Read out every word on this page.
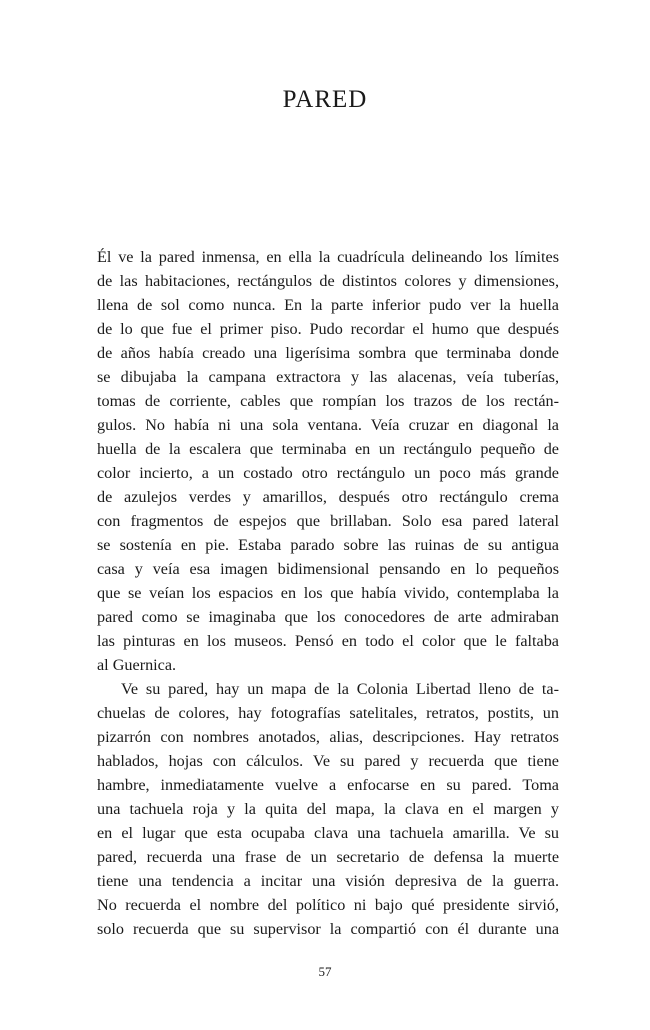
PARED
Él ve la pared inmensa, en ella la cuadrícula delineando los límites
de las habitaciones, rectángulos de distintos colores y dimensiones,
llena de sol como nunca. En la parte inferior pudo ver la huella
de lo que fue el primer piso. Pudo recordar el humo que después
de años había creado una ligerísima sombra que terminaba donde
se dibujaba la campana extractora y las alacenas, veía tuberías,
tomas de corriente, cables que rompían los trazos de los rectán-
gulos. No había ni una sola ventana. Veía cruzar en diagonal la
huella de la escalera que terminaba en un rectángulo pequeño de
color incierto, a un costado otro rectángulo un poco más grande
de azulejos verdes y amarillos, después otro rectángulo crema
con fragmentos de espejos que brillaban. Solo esa pared lateral
se sostenía en pie. Estaba parado sobre las ruinas de su antigua
casa y veía esa imagen bidimensional pensando en lo pequeños
que se veían los espacios en los que había vivido, contemplaba la
pared como se imaginaba que los conocedores de arte admiraban
las pinturas en los museos. Pensó en todo el color que le faltaba
al Guernica.
Ve su pared, hay un mapa de la Colonia Libertad lleno de ta-
chuelas de colores, hay fotografías satelitales, retratos, postits, un
pizarrón con nombres anotados, alias, descripciones. Hay retratos
hablados, hojas con cálculos. Ve su pared y recuerda que tiene
hambre, inmediatamente vuelve a enfocarse en su pared. Toma
una tachuela roja y la quita del mapa, la clava en el margen y
en el lugar que esta ocupaba clava una tachuela amarilla. Ve su
pared, recuerda una frase de un secretario de defensa la muerte
tiene una tendencia a incitar una visión depresiva de la guerra.
No recuerda el nombre del político ni bajo qué presidente sirvió,
solo recuerda que su supervisor la compartió con él durante una
57
